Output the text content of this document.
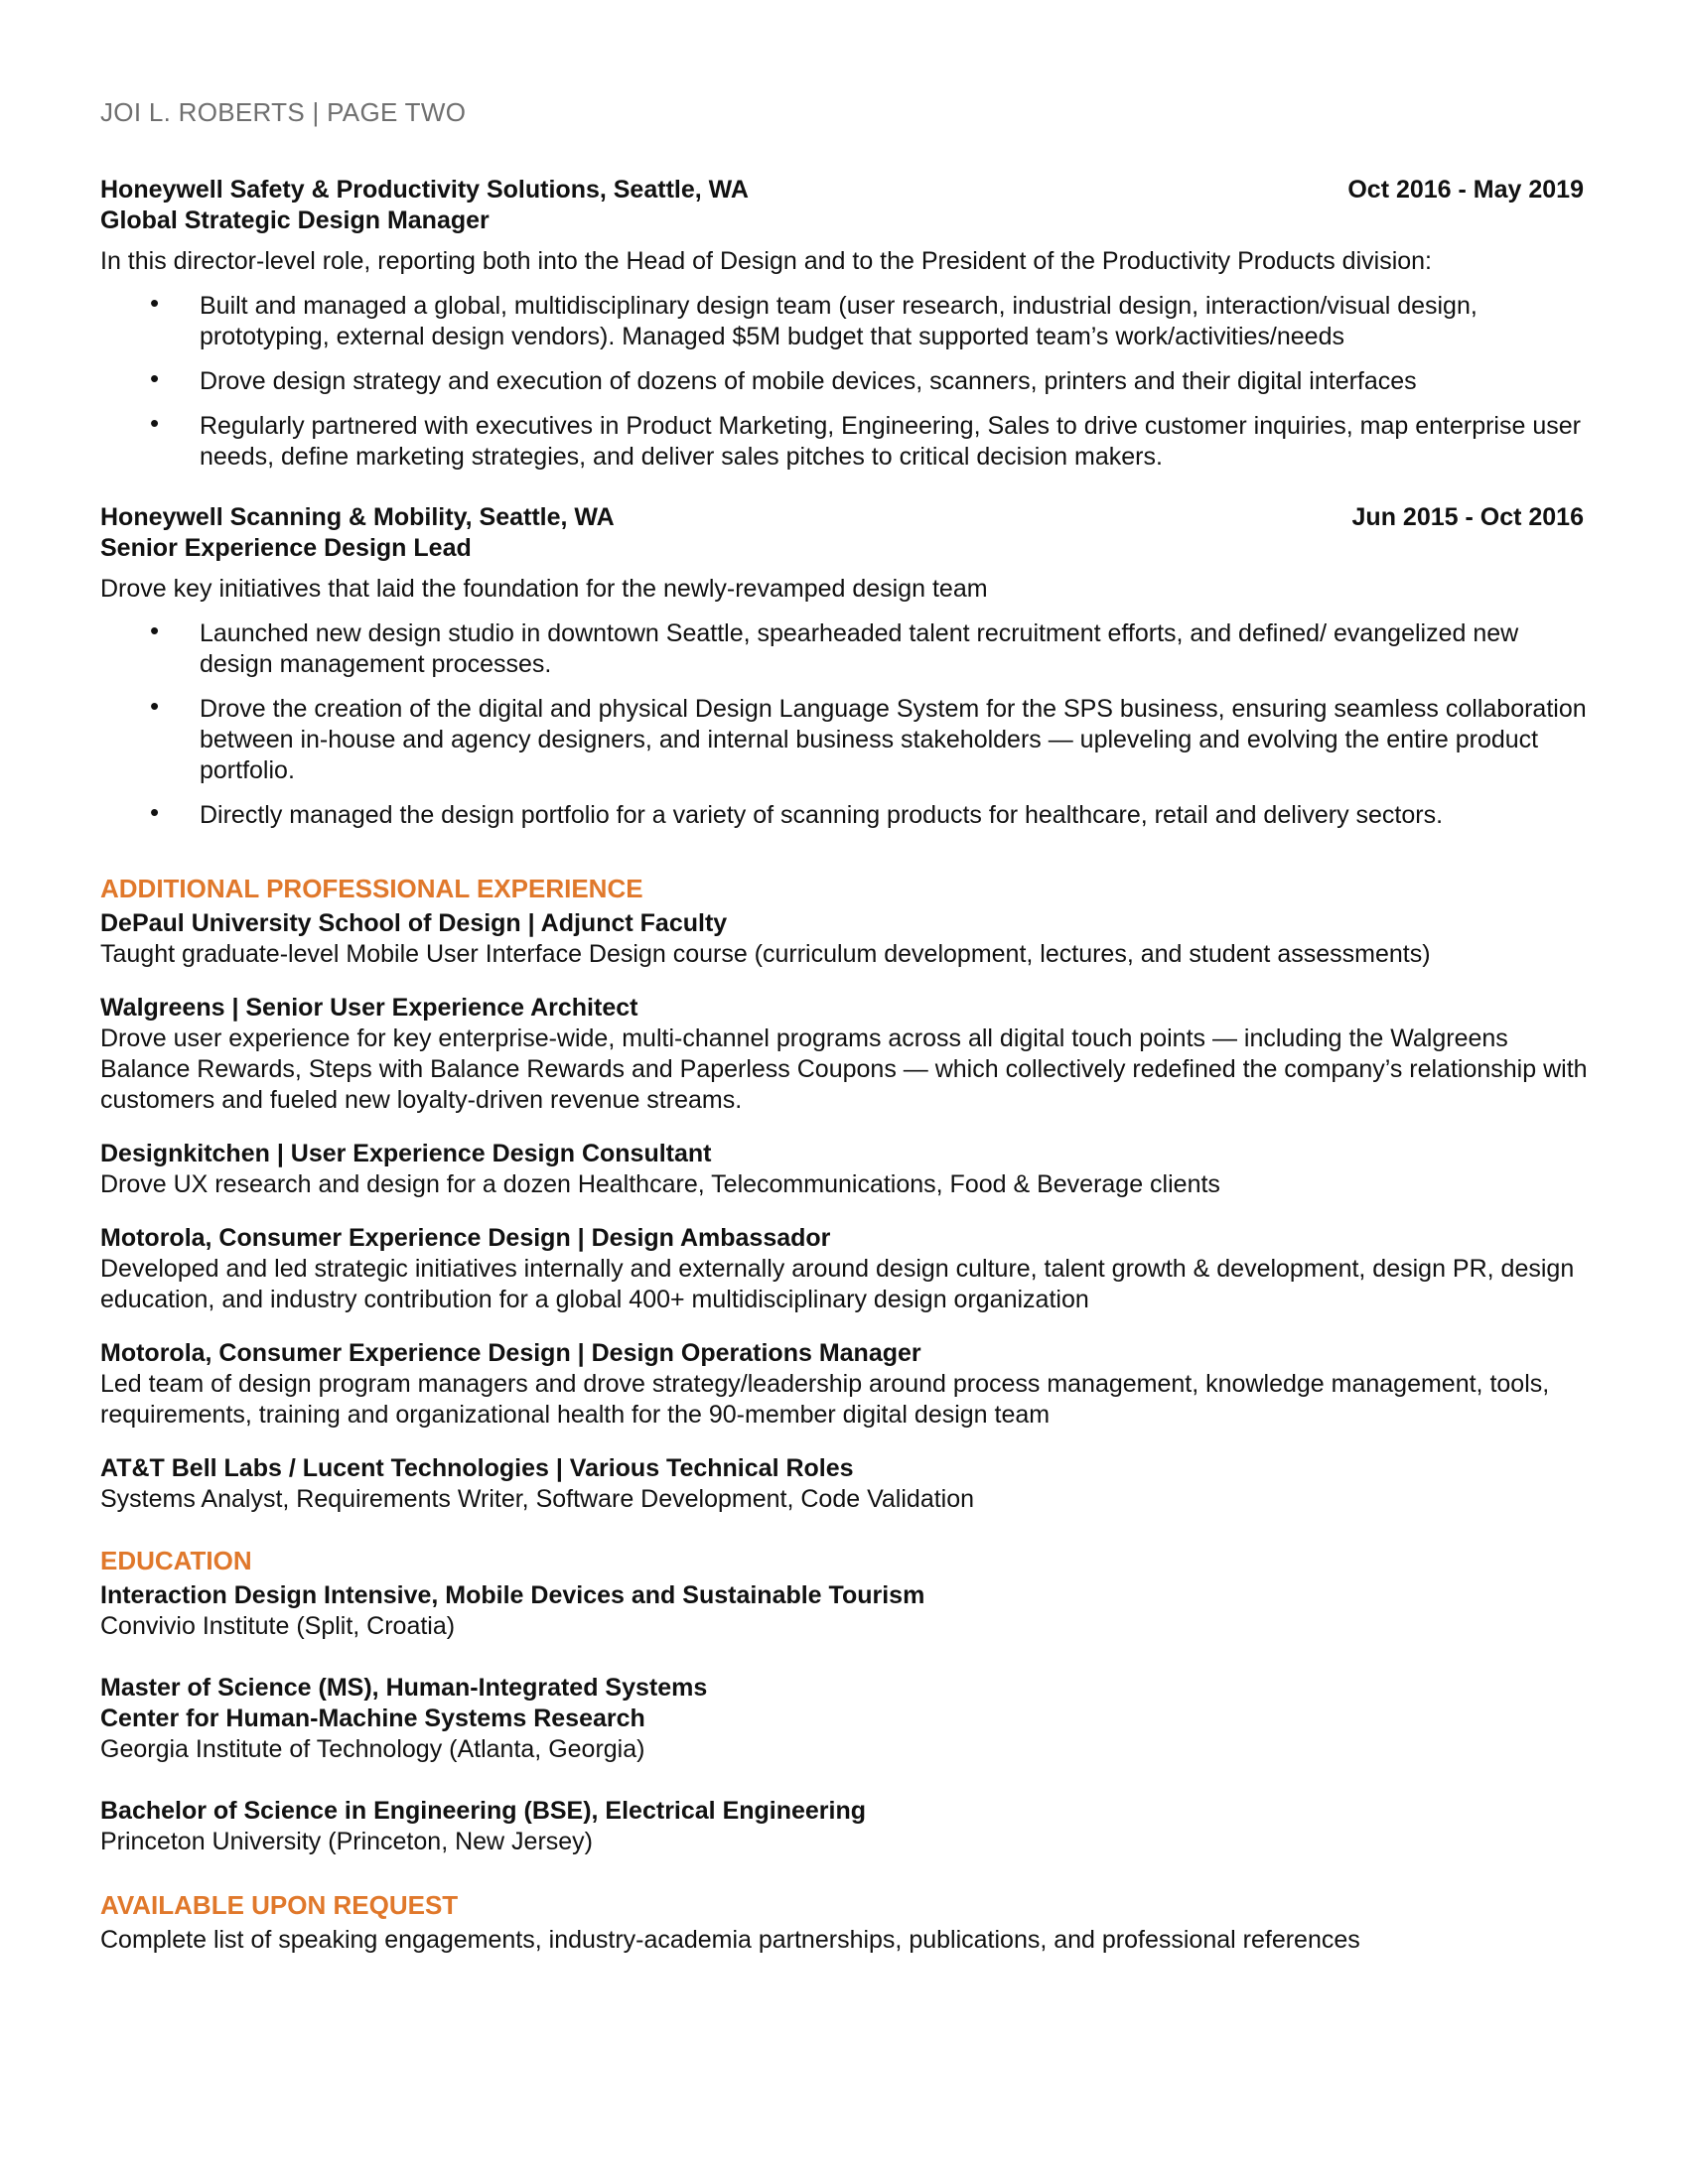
JOI L. ROBERTS | PAGE TWO
Honeywell Safety & Productivity Solutions, Seattle, WA	Oct 2016 - May 2019
Global Strategic Design Manager
In this director-level role, reporting both into the Head of Design and to the President of the Productivity Products division:
• Built and managed a global, multidisciplinary design team (user research, industrial design, interaction/visual design, prototyping, external design vendors). Managed $5M budget that supported team’s work/activities/needs
• Drove design strategy and execution of dozens of mobile devices, scanners, printers and their digital interfaces
• Regularly partnered with executives in Product Marketing, Engineering, Sales to drive customer inquiries, map enterprise user needs, define marketing strategies, and deliver sales pitches to critical decision makers.
Honeywell Scanning & Mobility, Seattle, WA	Jun 2015 - Oct 2016
Senior Experience Design Lead
Drove key initiatives that laid the foundation for the newly-revamped design team
• Launched new design studio in downtown Seattle, spearheaded talent recruitment efforts, and defined/ evangelized new design management processes.
• Drove the creation of the digital and physical Design Language System for the SPS business, ensuring seamless collaboration between in-house and agency designers, and internal business stakeholders — upleveling and evolving the entire product portfolio.
• Directly managed the design portfolio for a variety of scanning products for healthcare, retail and delivery sectors.
ADDITIONAL PROFESSIONAL EXPERIENCE
DePaul University School of Design | Adjunct Faculty
Taught graduate-level Mobile User Interface Design course (curriculum development, lectures, and student assessments)
Walgreens | Senior User Experience Architect
Drove user experience for key enterprise-wide, multi-channel programs across all digital touch points — including the Walgreens Balance Rewards, Steps with Balance Rewards and Paperless Coupons — which collectively redefined the company’s relationship with customers and fueled new loyalty-driven revenue streams.
Designkitchen | User Experience Design Consultant
Drove UX research and design for a dozen Healthcare, Telecommunications, Food & Beverage clients
Motorola, Consumer Experience Design | Design Ambassador
Developed and led strategic initiatives internally and externally around design culture, talent growth & development, design PR, design education, and industry contribution for a global 400+ multidisciplinary design organization
Motorola, Consumer Experience Design | Design Operations Manager
Led team of design program managers and drove strategy/leadership around process management, knowledge management, tools, requirements, training and organizational health for the 90-member digital design team
AT&T Bell Labs / Lucent Technologies | Various Technical Roles
Systems Analyst, Requirements Writer, Software Development, Code Validation
EDUCATION
Interaction Design Intensive, Mobile Devices and Sustainable Tourism
Convivio Institute (Split, Croatia)
Master of Science (MS), Human-Integrated Systems
Center for Human-Machine Systems Research
Georgia Institute of Technology (Atlanta, Georgia)
Bachelor of Science in Engineering (BSE), Electrical Engineering
Princeton University (Princeton, New Jersey)
AVAILABLE UPON REQUEST
Complete list of speaking engagements, industry-academia partnerships, publications, and professional references
